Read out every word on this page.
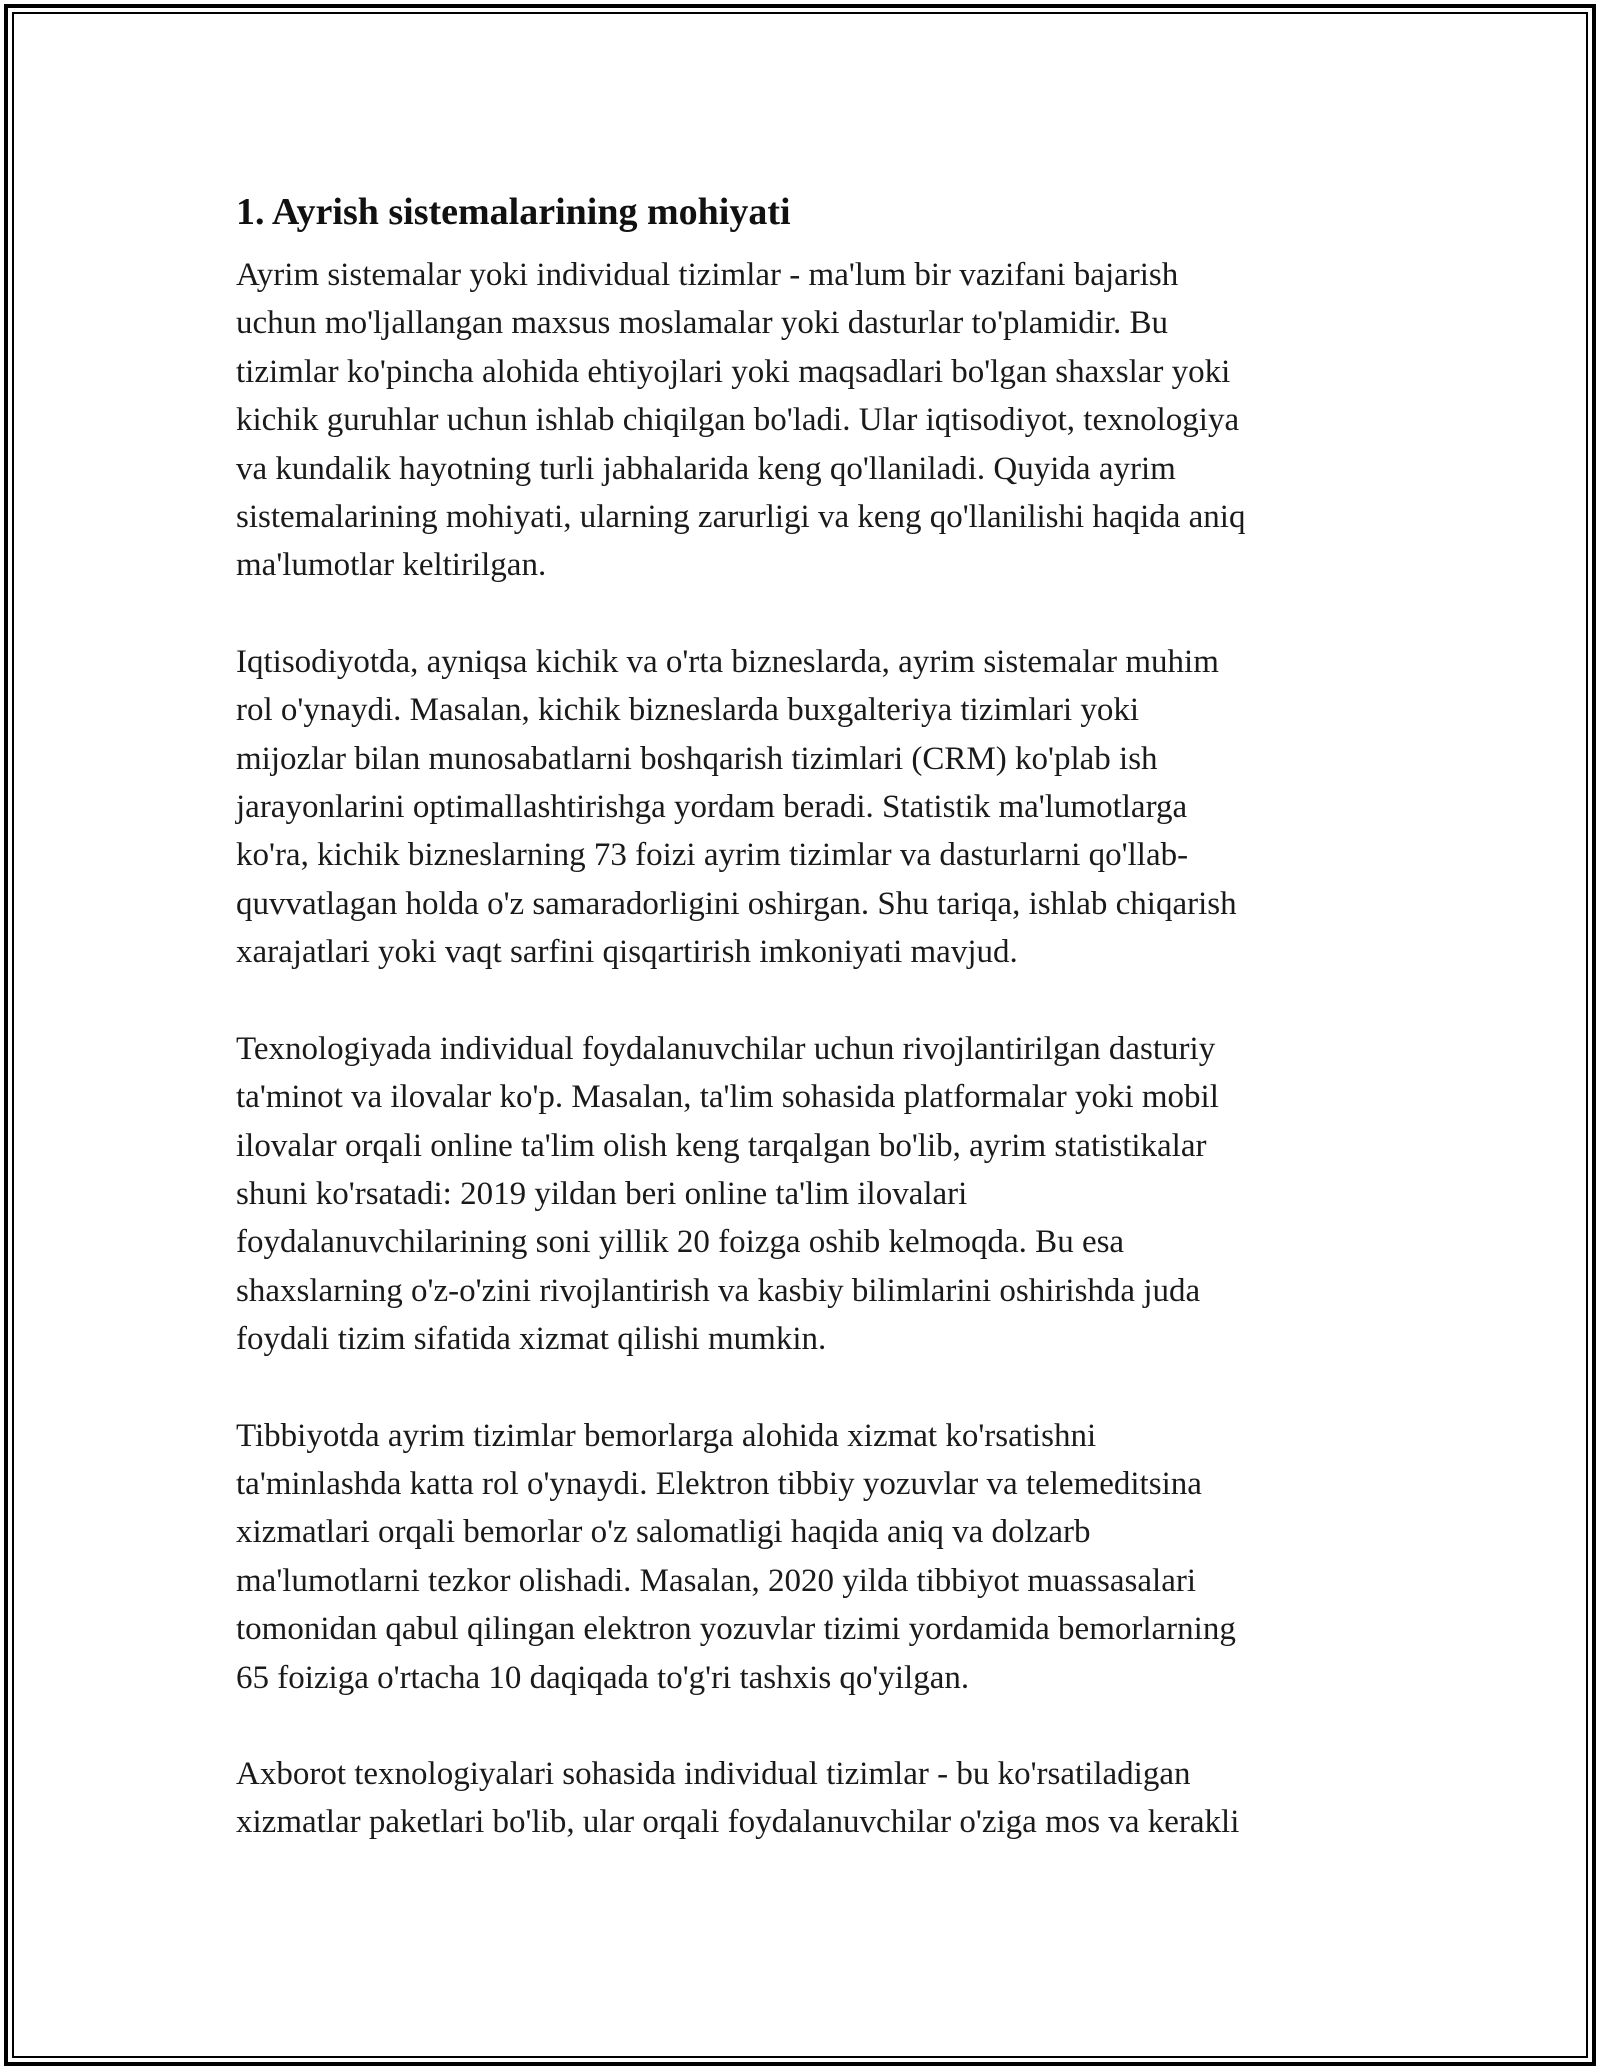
1. Ayrish sistemalarining mohiyati

Ayrim sistemalar yoki individual tizimlar - ma'lum bir vazifani bajarish
uchun mo'ljallangan maxsus moslamalar yoki dasturlar to'plamidir. Bu
tizimlar ko'pincha alohida ehtiyojlari yoki maqsadlari bo'lgan shaxslar yoki
kichik guruhlar uchun ishlab chiqilgan bo'ladi. Ular iqtisodiyot, texnologiya
va kundalik hayotning turli jabhalarida keng qo'llaniladi. Quyida ayrim
sistemalarining mohiyati, ularning zarurligi va keng qo'llanilishi haqida aniq
ma'lumotlar keltirilgan.

Iqtisodiyotda, ayniqsa kichik va o'rta bizneslarda, ayrim sistemalar muhim
rol o'ynaydi. Masalan, kichik bizneslarda buxgalteriya tizimlari yoki
mijozlar bilan munosabatlarni boshqarish tizimlari (CRM) ko'plab ish
jarayonlarini optimallashtirishga yordam beradi. Statistik ma'lumotlarga
ko'ra, kichik bizneslarning 73 foizi ayrim tizimlar va dasturlarni qo'llab-
quvvatlagan holda o'z samaradorligini oshirgan. Shu tariqa, ishlab chiqarish
xarajatlari yoki vaqt sarfini qisqartirish imkoniyati mavjud.

Texnologiyada individual foydalanuvchilar uchun rivojlantirilgan dasturiy
ta'minot va ilovalar ko'p. Masalan, ta'lim sohasida platformalar yoki mobil
ilovalar orqali online ta'lim olish keng tarqalgan bo'lib, ayrim statistikalar
shuni ko'rsatadi: 2019 yildan beri online ta'lim ilovalari
foydalanuvchilarining soni yillik 20 foizga oshib kelmoqda. Bu esa
shaxslarning o'z-o'zini rivojlantirish va kasbiy bilimlarini oshirishda juda
foydali tizim sifatida xizmat qilishi mumkin.

Tibbiyotda ayrim tizimlar bemorlarga alohida xizmat ko'rsatishni
ta'minlashda katta rol o'ynaydi. Elektron tibbiy yozuvlar va telemeditsina
xizmatlari orqali bemorlar o'z salomatligi haqida aniq va dolzarb
ma'lumotlarni tezkor olishadi. Masalan, 2020 yilda tibbiyot muassasalari
tomonidan qabul qilingan elektron yozuvlar tizimi yordamida bemorlarning
65 foiziga o'rtacha 10 daqiqada to'g'ri tashxis qo'yilgan.

Axborot texnologiyalari sohasida individual tizimlar - bu ko'rsatiladigan
xizmatlar paketlari bo'lib, ular orqali foydalanuvchilar o'ziga mos va kerakli
